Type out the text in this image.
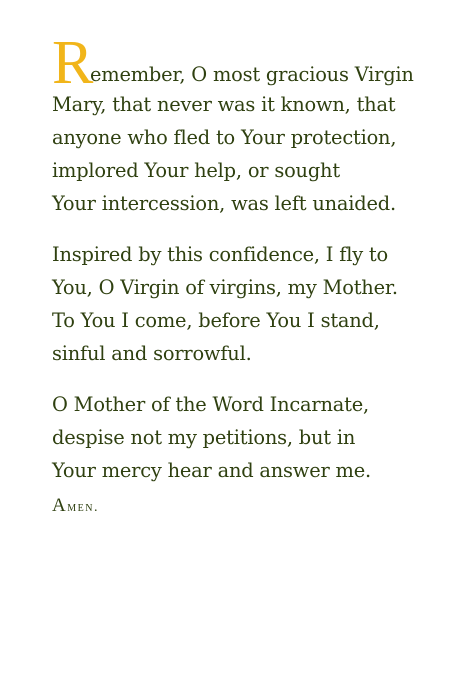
R
emember, O most gracious Virgin
Mary, that never was it known, that
anyone who fled to Your protection,
implored Your help, or sought
Your intercession, was left unaided.
Inspired by this confidence, I fly to
You, O Virgin of virgins, my Mother.
To You I come, before You I stand,
sinful and sorrowful.
O Mother of the Word Incarnate,
despise not my petitions, but in
Your mercy hear and answer me.
Amen.
